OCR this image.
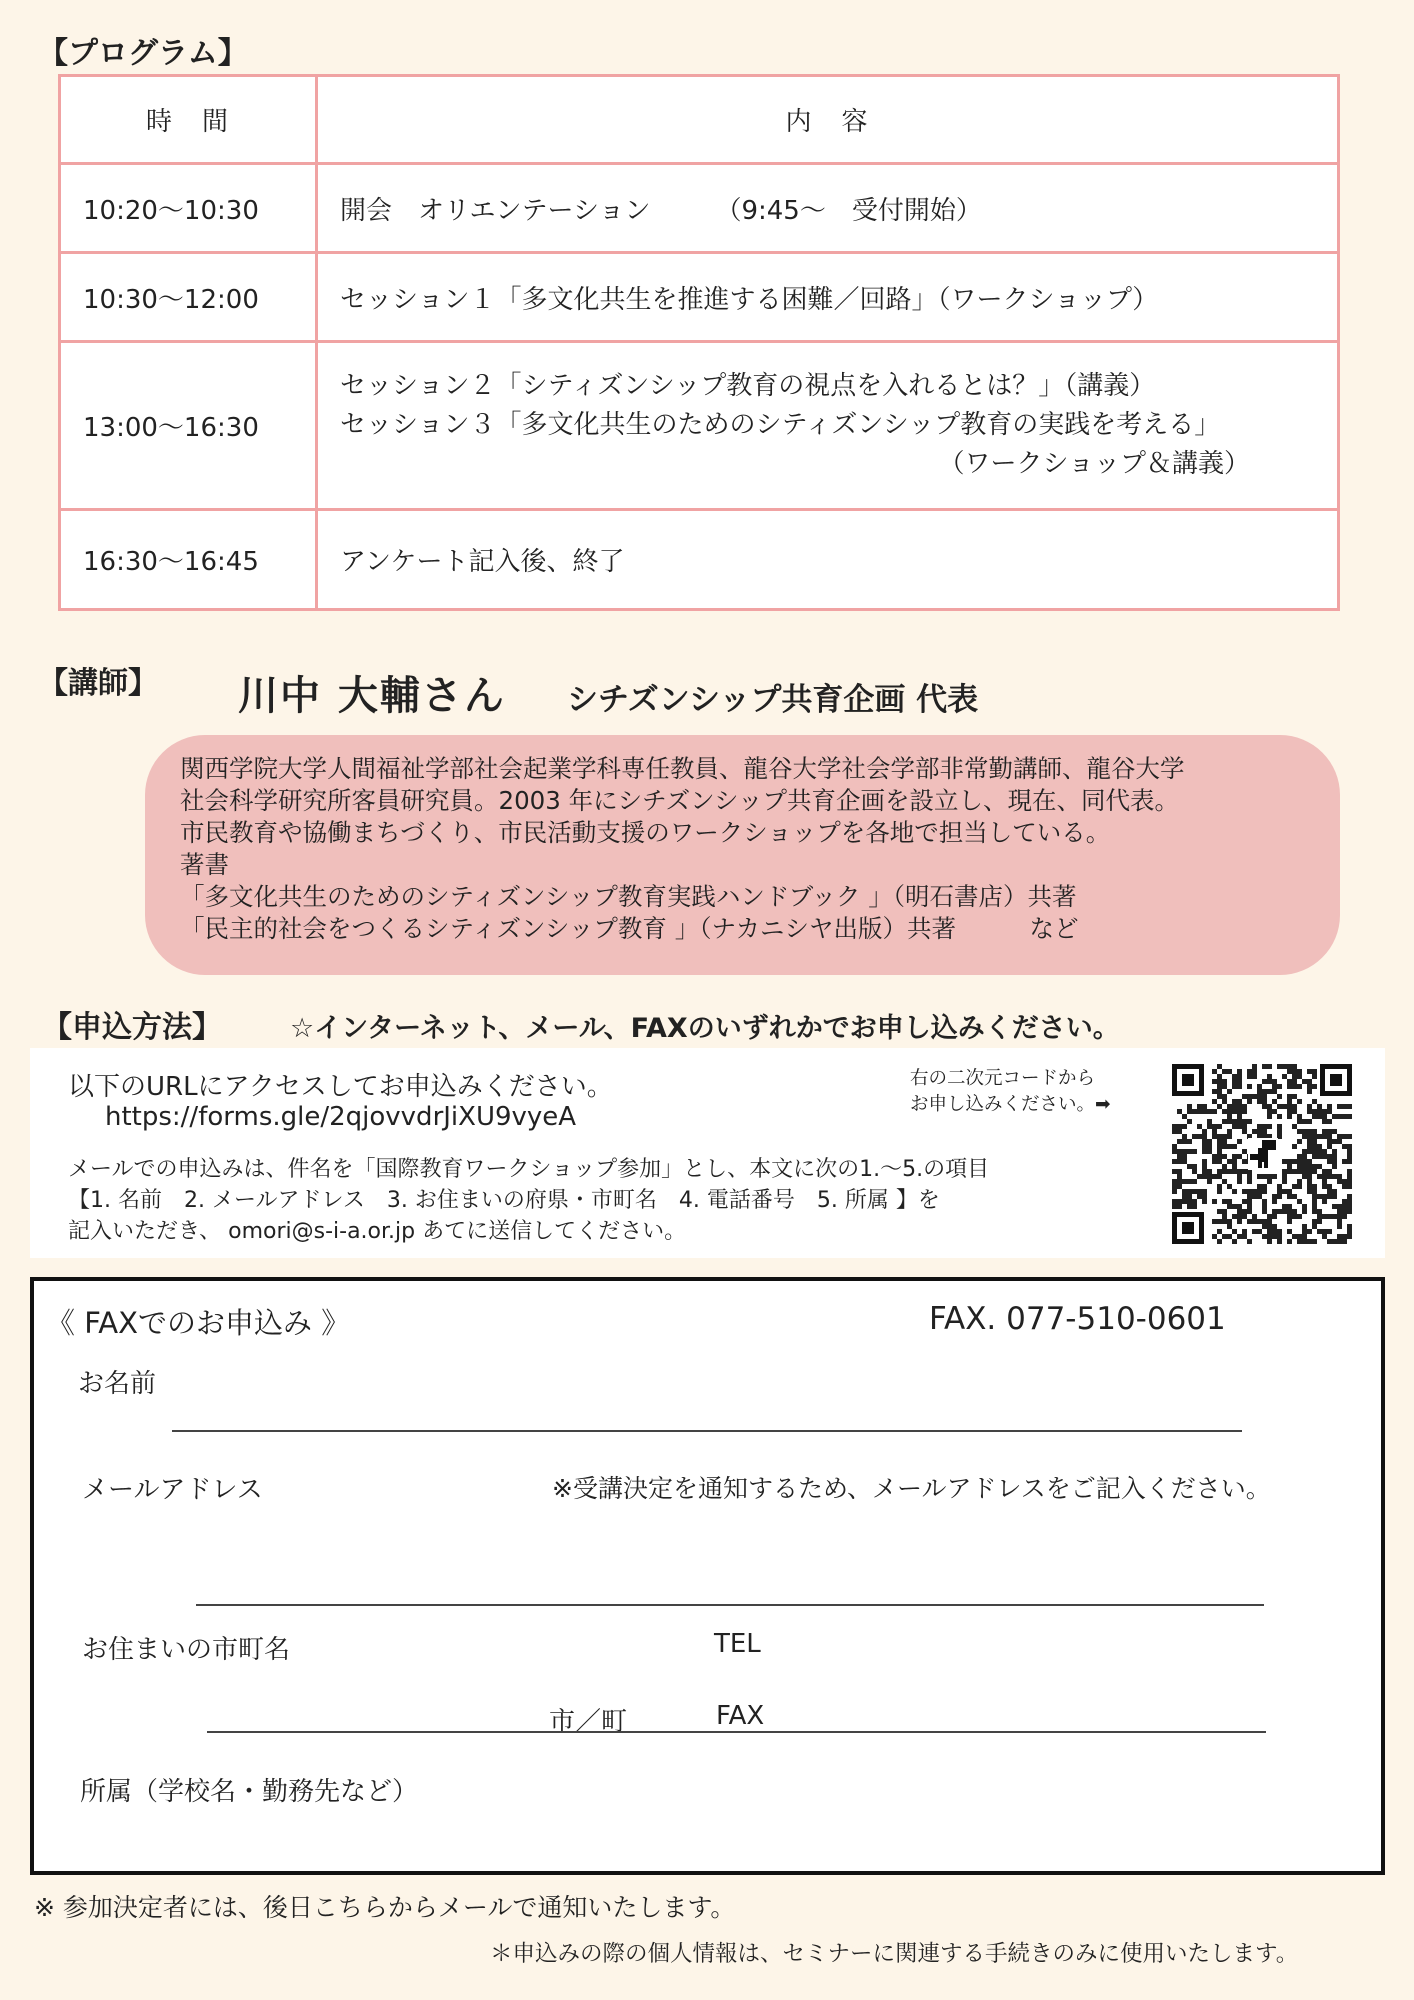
【プログラム】
時　間	内　容
10:20～10:30	開会　オリエンテーション　　　（9:45～　受付開始）

10:30～12:00	セッション１「多文化共生を推進する困難／回路」（ワークショップ）

13:00～16:30	セッション２「シティズンシップ教育の視点を入れるとは？」（講義）
セッション３「多文化共生のためのシティズンシップ教育の実践を考える」
（ワークショップ＆講義）

16:30～16:45	アンケート記入後、終了
【講師】 川中 大輔さん シチズンシップ共育企画 代表
関西学院大学人間福祉学部社会起業学科専任教員、龍谷大学社会学部非常勤講師、龍谷大学
社会科学研究所客員研究員。2003 年にシチズンシップ共育企画を設立し、現在、同代表。
市民教育や協働まちづくり、市民活動支援のワークショップを各地で担当している。
著書
「多文化共生のためのシティズンシップ教育実践ハンドブック 」（明石書店）共著
「民主的社会をつくるシティズンシップ教育 」（ナカニシヤ出版）共著　　　など
【申込方法】	☆インターネット、メール、FAXのいずれかでお申し込みください。
以下のURLにアクセスしてお申込みください。
https://forms.gle/2qjovvdrJiXU9vyeA
右の二次元コードから
お申し込みください。➡
メールでの申込みは、件名を「国際教育ワークショップ参加」とし、本文に次の1.～5.の項目
【1. 名前　2. メールアドレス　3. お住まいの府県・市町名　4. 電話番号　5. 所属 】を
記入いただき、 omori@s-i-a.or.jp あてに送信してください。
《 FAXでのお申込み 》	FAX. 077-510-0601
お名前
メールアドレス	※受講決定を通知するため、メールアドレスをご記入ください。
お住まいの市町名	TEL
市／町	FAX
所属（学校名・勤務先など）
※ 参加決定者には、後日こちらからメールで通知いたします。
＊申込みの際の個人情報は、セミナーに関連する手続きのみに使用いたします。
